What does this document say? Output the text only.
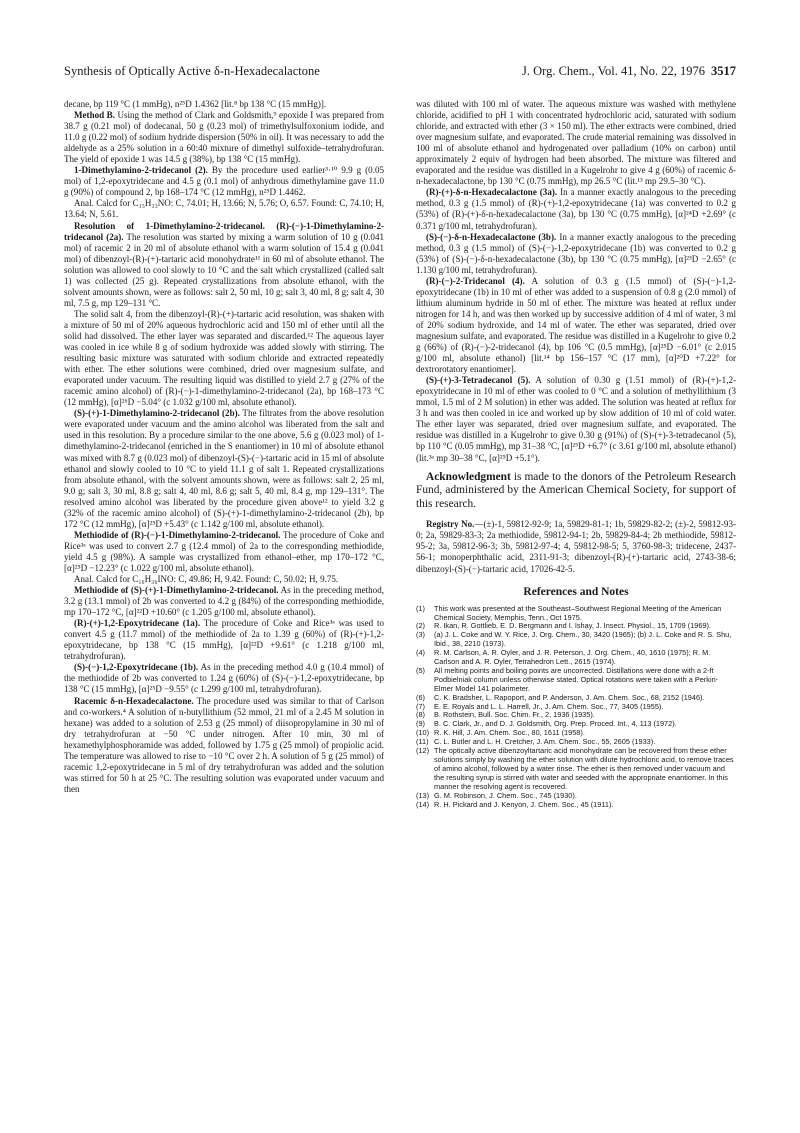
Synthesis of Optically Active δ-n-Hexadecalactone	J. Org. Chem., Vol. 41, No. 22, 1976 3517

decane, bp 119 °C (1 mmHg), n²⁵D 1.4362 [lit.⁸ bp 138 °C (15 mmHg)].

Method B. Using the method of Clark and Goldsmith,⁹ epoxide I was prepared from 38.7 g (0.21 mol) of dodecanal, 50 g (0.23 mol) of trimethylsulfoxonium iodide, and 11.0 g (0.22 mol) of sodium hydride dispersion (50% in oil). It was necessary to add the aldehyde as a 25% solution in a 60:40 mixture of dimethyl sulfoxide–tetrahydrofuran. The yield of epoxide 1 was 14.5 g (38%), bp 138 °C (15 mmHg).

1-Dimethylamino-2-tridecanol (2). By the procedure used earlier³·¹⁰ 9.9 g (0.05 mol) of 1,2-epoxytridecane and 4.5 g (0.1 mol) of anhydrous dimethylamine gave 11.0 g (90%) of compound 2, bp 168–174 °C (12 mmHg), n²⁵D 1.4462.

Anal. Calcd for C₁₅H₃₃NO: C, 74.01; H, 13.66; N, 5.76; O, 6.57. Found: C, 74.10; H, 13.64; N, 5.61.

Resolution of 1-Dimethylamino-2-tridecanol. (R)-(−)-1-Dimethylamino-2-tridecanol (2a). The resolution was started by mixing a warm solution of 10 g (0.041 mol) of racemic 2 in 20 ml of absolute ethanol with a warm solution of 15.4 g (0.041 mol) of dibenzoyl-(R)-(+)-tartaric acid monohydrate¹¹ in 60 ml of absolute ethanol. The solution was allowed to cool slowly to 10 °C and the salt which crystallized (called salt 1) was collected (25 g). Repeated crystallizations from absolute ethanol, with the solvent amounts shown, were as follows: salt 2, 50 ml, 10 g; salt 3, 40 ml, 8 g; salt 4, 30 ml, 7.5 g, mp 129–131 °C.

The solid salt 4, from the dibenzoyl-(R)-(+)-tartaric acid resolution, was shaken with a mixture of 50 ml of 20% aqueous hydrochloric acid and 150 ml of ether until all the solid had dissolved. The ether layer was separated and discarded.¹² The aqueous layer was cooled in ice while 8 g of sodium hydroxide was added slowly with stirring. The resulting basic mixture was saturated with sodium chloride and extracted repeatedly with ether. The ether solutions were combined, dried over magnesium sulfate, and evaporated under vacuum. The resulting liquid was distilled to yield 2.7 g (27% of the racemic amino alcohol) of (R)-(−)-1-dimethylamino-2-tridecanol (2a), bp 168–173 °C (12 mmHg), [α]²⁶D −5.04° (c 1.032 g/100 ml, absolute ethanol).

(S)-(+)-1-Dimethylamino-2-tridecanol (2b). The filtrates from the above resolution were evaporated under vacuum and the amino alcohol was liberated from the salt and used in this resolution. By a procedure similar to the one above, 5.6 g (0.023 mol) of 1-dimethylamino-2-tridecanol (enriched in the S enantiomer) in 10 ml of absolute ethanol was mixed with 8.7 g (0.023 mol) of dibenzoyl-(S)-(−)-tartaric acid in 15 ml of absolute ethanol and slowly cooled to 10 °C to yield 11.1 g of salt 1. Repeated crystallizations from absolute ethanol, with the solvent amounts shown, were as follows: salt 2, 25 ml, 9.0 g; salt 3, 30 ml, 8.8 g; salt 4, 40 ml, 8.6 g; salt 5, 40 ml, 8.4 g, mp 129–131°. The resolved amino alcohol was liberated by the procedure given above¹² to yield 3.2 g (32% of the racemic amino alcohol) of (S)-(+)-1-dimethylamino-2-tridecanol (2b), bp 172 °C (12 mmHg), [α]²⁵D +5.43° (c 1.142 g/100 ml, absolute ethanol).

Methiodide of (R)-(−)-1-Dimethylamino-2-tridecanol. The procedure of Coke and Rice³ᵃ was used to convert 2.7 g (12.4 mmol) of 2a to the corresponding methiodide, yield 4.5 g (98%). A sample was crystallized from ethanol–ether, mp 170–172 °C, [α]²⁵D −12.23° (c 1.022 g/100 ml, absolute ethanol).

Anal. Calcd for C₁₆H₃₆INO: C, 49.86; H, 9.42. Found: C, 50.02; H, 9.75.

Methiodide of (S)-(+)-1-Dimethylamino-2-tridecanol. As in the preceding method, 3.2 g (13.1 mmol) of 2b was converted to 4.2 g (84%) of the corresponding methiodide, mp 170–172 °C, [α]²²D +10.60° (c 1.205 g/100 ml, absolute ethanol).

(R)-(+)-1,2-Epoxytridecane (1a). The procedure of Coke and Rice³ᵃ was used to convert 4.5 g (11.7 mmol) of the methiodide of 2a to 1.39 g (60%) of (R)-(+)-1,2-epoxytridecane, bp 138 °C (15 mmHg), [α]²²D +9.61° (c 1.218 g/100 ml, tetrahydrofuran).

(S)-(−)-1,2-Epoxytridecane (1b). As in the preceding method 4.0 g (10.4 mmol) of the methiodide of 2b was converted to 1.24 g (60%) of (S)-(−)-1,2-epoxytridecane, bp 138 °C (15 mmHg), [α]²⁵D −9.55° (c 1.299 g/100 ml, tetrahydrofuran).

Racemic δ-n-Hexadecalactone. The procedure used was similar to that of Carlson and co-workers.⁴ A solution of n-butyllithium (52 mmol, 21 ml of a 2.45 M solution in hexane) was added to a solution of 2.53 g (25 mmol) of diisopropylamine in 30 ml of dry tetrahydrofuran at −50 °C under nitrogen. After 10 min, 30 ml of hexamethylphosphoramide was added, followed by 1.75 g (25 mmol) of propiolic acid. The temperature was allowed to rise to −10 °C over 2 h. A solution of 5 g (25 mmol) of racemic 1,2-epoxytridecane in 5 ml of dry tetrahydrofuran was added and the solution was stirred for 50 h at 25 °C. The resulting solution was evaporated under vacuum and then

was diluted with 100 ml of water. The aqueous mixture was washed with methylene chloride, acidified to pH 1 with concentrated hydrochloric acid, saturated with sodium chloride, and extracted with ether (3 × 150 ml). The ether extracts were combined, dried over magnesium sulfate, and evaporated. The crude material remaining was dissolved in 100 ml of absolute ethanol and hydrogenated over palladium (10% on carbon) until approximately 2 equiv of hydrogen had been absorbed. The mixture was filtered and evaporated and the residue was distilled in a Kugelrohr to give 4 g (60%) of racemic δ-n-hexadecalactone, bp 130 °C (0.75 mmHg), mp 26.5 °C (lit.¹³ mp 29.5–30 °C).

(R)-(+)-δ-n-Hexadecalactone (3a). In a manner exactly analogous to the preceding method, 0.3 g (1.5 mmol) of (R)-(+)-1,2-epoxytridecane (1a) was converted to 0.2 g (53%) of (R)-(+)-δ-n-hexadecalactone (3a), bp 130 °C (0.75 mmHg), [α]²⁴D +2.69° (c 0.371 g/100 ml, tetrahydrofuran).

(S)-(−)-δ-n-Hexadecalactone (3b). In a manner exactly analogous to the preceding method, 0.3 g (1.5 mmol) of (S)-(−)-1,2-epoxytridecane (1b) was converted to 0.2 g (53%) of (S)-(−)-δ-n-hexadecalactone (3b), bp 130 °C (0.75 mmHg), [α]²³D −2.65° (c 1.130 g/100 ml, tetrahydrofuran).

(R)-(−)-2-Tridecanol (4). A solution of 0.3 g (1.5 mmol) of (S)-(−)-1,2-epoxytridecane (1b) in 10 ml of ether was added to a suspension of 0.8 g (2.0 mmol) of lithium aluminum hydride in 50 ml of ether. The mixture was heated at reflux under nitrogen for 14 h, and was then worked up by successive addition of 4 ml of water, 3 ml of 20% sodium hydroxide, and 14 ml of water. The ether was separated, dried over magnesium sulfate, and evaporated. The residue was distilled in a Kugelrohr to give 0.2 g (66%) of (R)-(−)-2-tridecanol (4), bp 106 °C (0.5 mmHg), [α]²⁵D −6.01° (c 2.015 g/100 ml, absolute ethanol) [lit.¹⁴ bp 156–157 °C (17 mm), [α]²⁰D +7.22° for dextrorotatory enantiomer].

(S)-(+)-3-Tetradecanol (5). A solution of 0.30 g (1.51 mmol) of (R)-(+)-1,2-epoxytridecane in 10 ml of ether was cooled to 0 °C and a solution of methyllithium (3 mmol, 1.5 ml of 2 M solution) in ether was added. The solution was heated at reflux for 3 h and was then cooled in ice and worked up by slow addition of 10 ml of cold water. The ether layer was separated, dried over magnesium sulfate, and evaporated. The residue was distilled in a Kugelrohr to give 0.30 g (91%) of (S)-(+)-3-tetradecanol (5), bp 110 °C (0.05 mmHg), mp 31–38 °C, [α]²⁵D +6.7° (c 3.61 g/100 ml, absolute ethanol) (lit.³ᵃ mp 30–38 °C, [α]²⁵D +5.1°).

Acknowledgment is made to the donors of the Petroleum Research Fund, administered by the American Chemical Society, for support of this research.

Registry No.—(±)-1, 59812-92-9; 1a, 59829-81-1; 1b, 59829-82-2; (±)-2, 59812-93-0; 2a, 59829-83-3; 2a methiodide, 59812-94-1; 2b, 59829-84-4; 2b methiodide, 59812-95-2; 3a, 59812-96-3; 3b, 59812-97-4; 4, 59812-98-5; 5, 3760-98-3; tridecene, 2437-56-1; monoperphthalic acid, 2311-91-3; dibenzoyl-(R)-(+)-tartaric acid, 2743-38-6; dibenzoyl-(S)-(−)-tartaric acid, 17026-42-5.

References and Notes
(1)	This work was presented at the Southeast–Southwest Regional Meeting of the American Chemical Society, Memphis, Tenn., Oct 1975.
(2)	R. Ikan, R. Gottlieb, E. D. Bergmann and I. Ishay, J. Insect. Physiol., 15, 1709 (1969).
(3)	(a) J. L. Coke and W. Y. Rice, J. Org. Chem., 30, 3420 (1965); (b) J. L. Coke and R. S. Shu, Ibid., 38, 2210 (1973).
(4)	R. M. Carlson, A. R. Oyler, and J. R. Peterson, J. Org. Chem., 40, 1610 (1975); R. M. Carlson and A. R. Oyler, Tetrahedron Lett., 2615 (1974).
(5)	All melting points and boiling points are uncorrected. Distillations were done with a 2-ft Podbielniak column unless otherwise stated. Optical rotations were taken with a Perkin-Elmer Model 141 polarimeter.
(6)	C. K. Bradsher, L. Rapoport, and P. Anderson, J. Am. Chem. Soc., 68, 2152 (1946).
(7)	E. E. Royals and L. L. Harrell, Jr., J. Am. Chem. Soc., 77, 3405 (1955).
(8)	B. Rothstein, Bull. Soc. Chim. Fr., 2, 1936 (1935).
(9)	B. C. Clark, Jr., and D. J. Goldsmith, Org. Prep. Proced. Int., 4, 113 (1972).
(10) R. K. Hill, J. Am. Chem. Soc., 80, 1611 (1958).
(11) C. L. Butler and L. H. Cretcher, J. Am. Chem. Soc., 55, 2605 (1933).
(12) The optically active dibenzoyltartaric acid monohydrate can be recovered from these ether solutions simply by washing the ether solution with dilute hydrochloric acid, to remove traces of amino alcohol, followed by a water rinse. The ether is then removed under vacuum and the resulting syrup is stirred with water and seeded with the appropriate enantiomer. In this manner the resolving agent is recovered.
(13) G. M. Robinson, J. Chem. Soc., 745 (1930).
(14) R. H. Pickard and J. Kenyon, J. Chem. Soc., 45 (1911).
